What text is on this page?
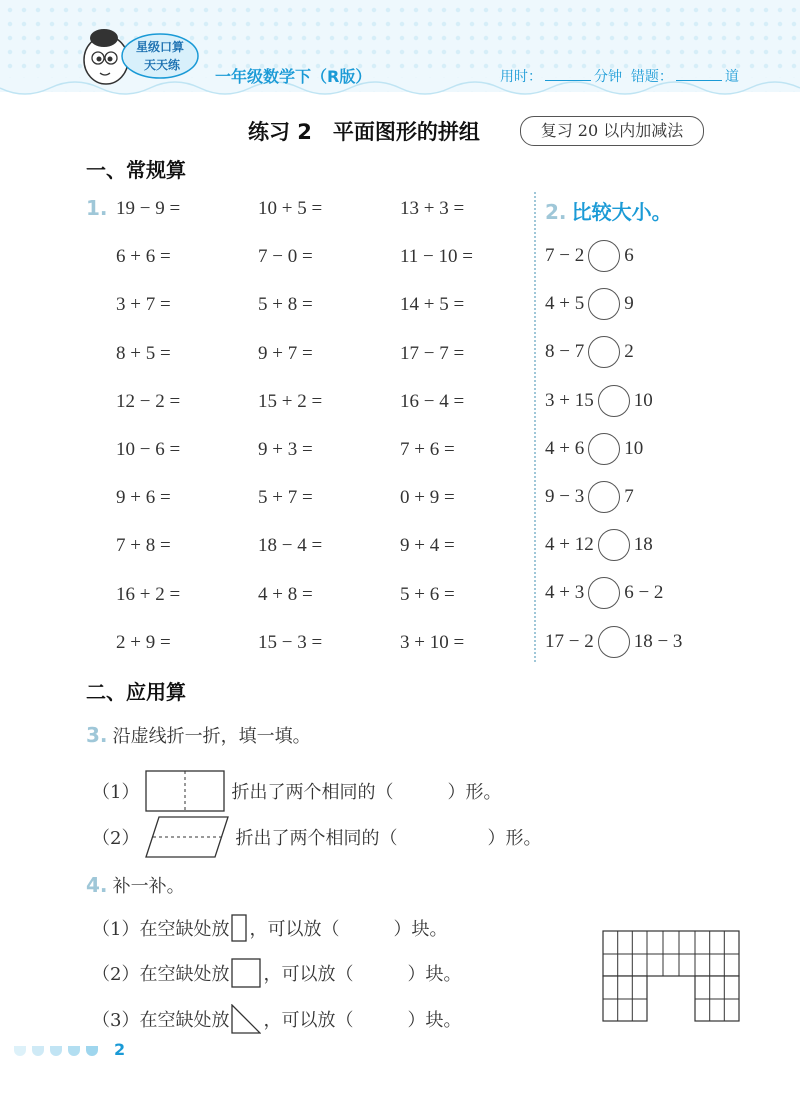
星级口算
天天练
一年级数学下（R版）	用时：	分钟 错题：	道
练习 2　平面图形的拼组	复习 20 以内加减法
一、常规算
1. 19 − 9 =	10 + 5 =	13 + 3 =
6 + 6 =	7 − 0 =	11 − 10 =
3 + 7 =	5 + 8 =	14 + 5 =
8 + 5 =	9 + 7 =	17 − 7 =
12 − 2 =	15 + 2 =	16 − 4 =
10 − 6 =	9 + 3 =	7 + 6 =
9 + 6 =	5 + 7 =	0 + 9 =
7 + 8 =	18 − 4 =	9 + 4 =
16 + 2 =	4 + 8 =	5 + 6 =
2 + 9 =	15 − 3 =	3 + 10 =
2. 比较大小。
7 − 2 6
4 + 5 9
8 − 7 2
3 + 15 10
4 + 6 10
9 − 3 7
4 + 12 18
4 + 3 6 − 2
17 − 2 18 − 3
二、应用算
3. 沿虚线折一折，填一填。
（1）	折出了两个相同的（　　　）形。
（2）	折出了两个相同的（　　　　　）形。
4. 补一补。
（1） 在空缺处放 ，可以放（　　　）块。
（2） 在空缺处放 ，可以放（　　　）块。
（3） 在空缺处放 ，可以放（　　　）块。
2
